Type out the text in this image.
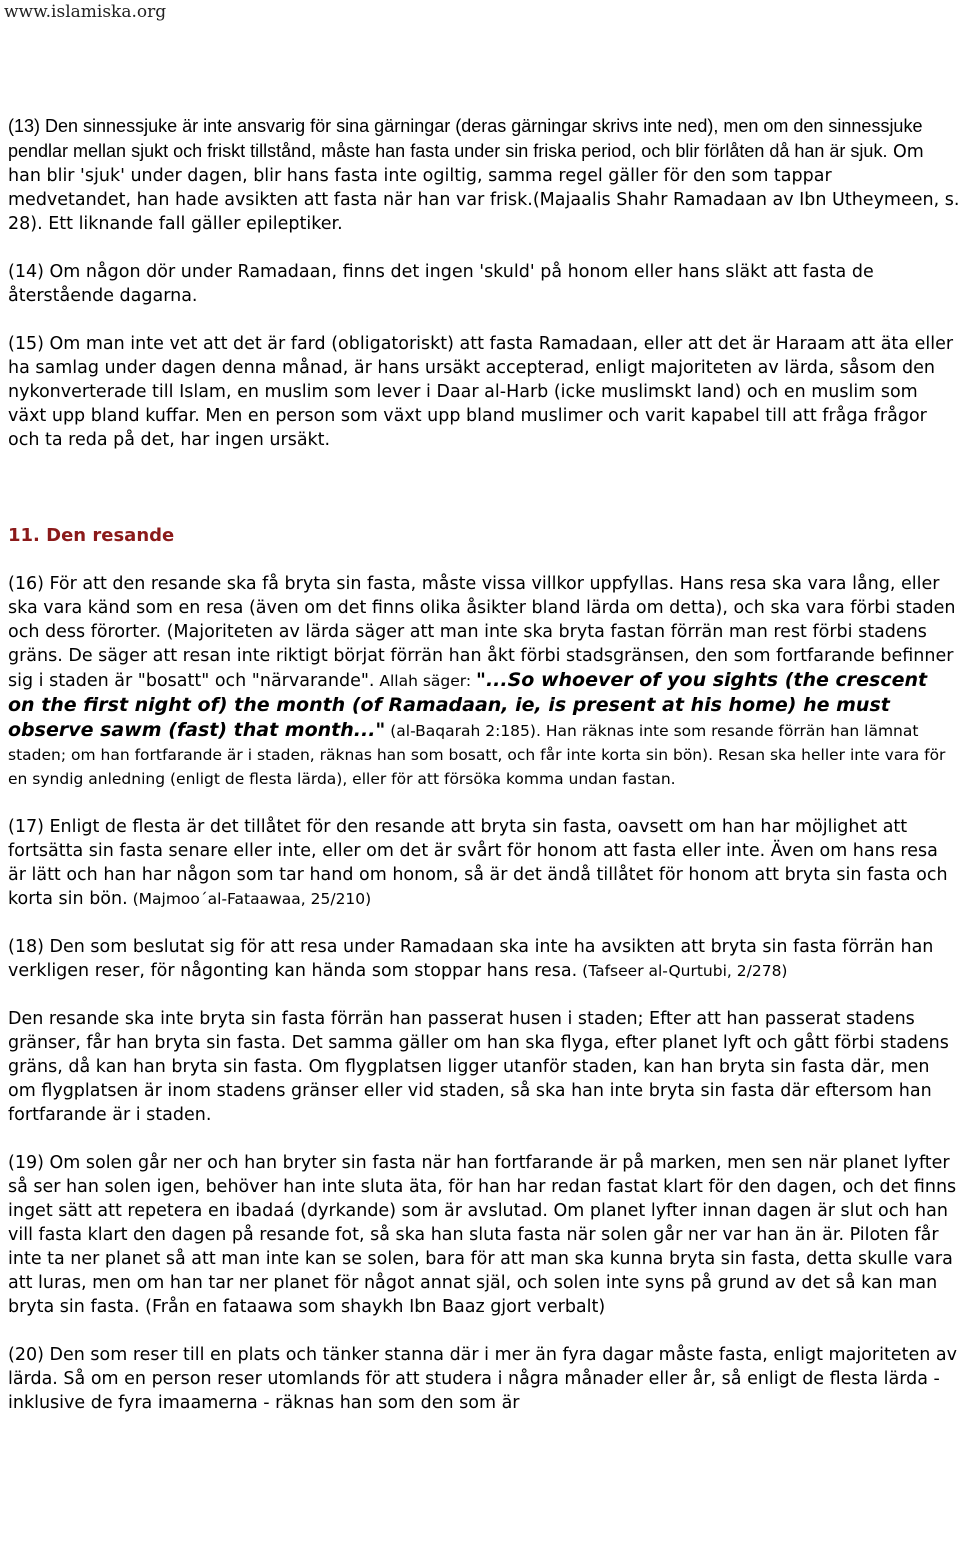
www.islamiska.org

(13) Den sinnessjuke är inte ansvarig för sina gärningar (deras gärningar skrivs inte ned), men om den sinnessjuke pendlar mellan sjukt och friskt tillstånd, måste han fasta under sin friska period, och blir förlåten då han är sjuk. Om han blir 'sjuk' under dagen, blir hans fasta inte ogiltig, samma regel gäller för den som tappar medvetandet, han hade avsikten att fasta när han var frisk.(Majaalis Shahr Ramadaan av Ibn Utheymeen, s. 28). Ett liknande fall gäller epileptiker.

(14) Om någon dör under Ramadaan, finns det ingen 'skuld' på honom eller hans släkt att fasta de återstående dagarna.

(15) Om man inte vet att det är fard (obligatoriskt) att fasta Ramadaan, eller att det är Haraam att äta eller ha samlag under dagen denna månad, är hans ursäkt accepterad, enligt majoriteten av lärda, såsom den nykonverterade till Islam, en muslim som lever i Daar al-Harb (icke muslimskt land) och en muslim som växt upp bland kuffar. Men en person som växt upp bland muslimer och varit kapabel till att fråga frågor och ta reda på det, har ingen ursäkt.

11. Den resande

(16) För att den resande ska få bryta sin fasta, måste vissa villkor uppfyllas. Hans resa ska vara lång, eller ska vara känd som en resa (även om det finns olika åsikter bland lärda om detta), och ska vara förbi staden och dess förorter. (Majoriteten av lärda säger att man inte ska bryta fastan förrän man rest förbi stadens gräns. De säger att resan inte riktigt börjat förrän han åkt förbi stadsgränsen, den som fortfarande befinner sig i staden är "bosatt" och "närvarande". Allah säger: "...So whoever of you sights (the crescent on the first night of) the month (of Ramadaan, ie, is present at his home) he must observe sawm (fast) that month..." (al-Baqarah 2:185). Han räknas inte som resande förrän han lämnat staden; om han fortfarande är i staden, räknas han som bosatt, och får inte korta sin bön). Resan ska heller inte vara för en syndig anledning (enligt de flesta lärda), eller för att försöka komma undan fastan.

(17) Enligt de flesta är det tillåtet för den resande att bryta sin fasta, oavsett om han har möjlighet att fortsätta sin fasta senare eller inte, eller om det är svårt för honom att fasta eller inte. Även om hans resa är lätt och han har någon som tar hand om honom, så är det ändå tillåtet för honom att bryta sin fasta och korta sin bön. (Majmoo´al-Fataawaa, 25/210)

(18) Den som beslutat sig för att resa under Ramadaan ska inte ha avsikten att bryta sin fasta förrän han verkligen reser, för någonting kan hända som stoppar hans resa. (Tafseer al-Qurtubi, 2/278)

Den resande ska inte bryta sin fasta förrän han passerat husen i staden; Efter att han passerat stadens gränser, får han bryta sin fasta. Det samma gäller om han ska flyga, efter planet lyft och gått förbi stadens gräns, då kan han bryta sin fasta. Om flygplatsen ligger utanför staden, kan han bryta sin fasta där, men om flygplatsen är inom stadens gränser eller vid staden, så ska han inte bryta sin fasta där eftersom han fortfarande är i staden.

(19) Om solen går ner och han bryter sin fasta när han fortfarande är på marken, men sen när planet lyfter så ser han solen igen, behöver han inte sluta äta, för han har redan fastat klart för den dagen, och det finns inget sätt att repetera en ibadaá (dyrkande) som är avslutad. Om planet lyfter innan dagen är slut och han vill fasta klart den dagen på resande fot, så ska han sluta fasta när solen går ner var han än är. Piloten får inte ta ner planet så att man inte kan se solen, bara för att man ska kunna bryta sin fasta, detta skulle vara att luras, men om han tar ner planet för något annat själ, och solen inte syns på grund av det så kan man bryta sin fasta. (Från en fataawa som shaykh Ibn Baaz gjort verbalt)

(20) Den som reser till en plats och tänker stanna där i mer än fyra dagar måste fasta, enligt majoriteten av lärda. Så om en person reser utomlands för att studera i några månader eller år, så enligt de flesta lärda - inklusive de fyra imaamerna - räknas han som den som är
